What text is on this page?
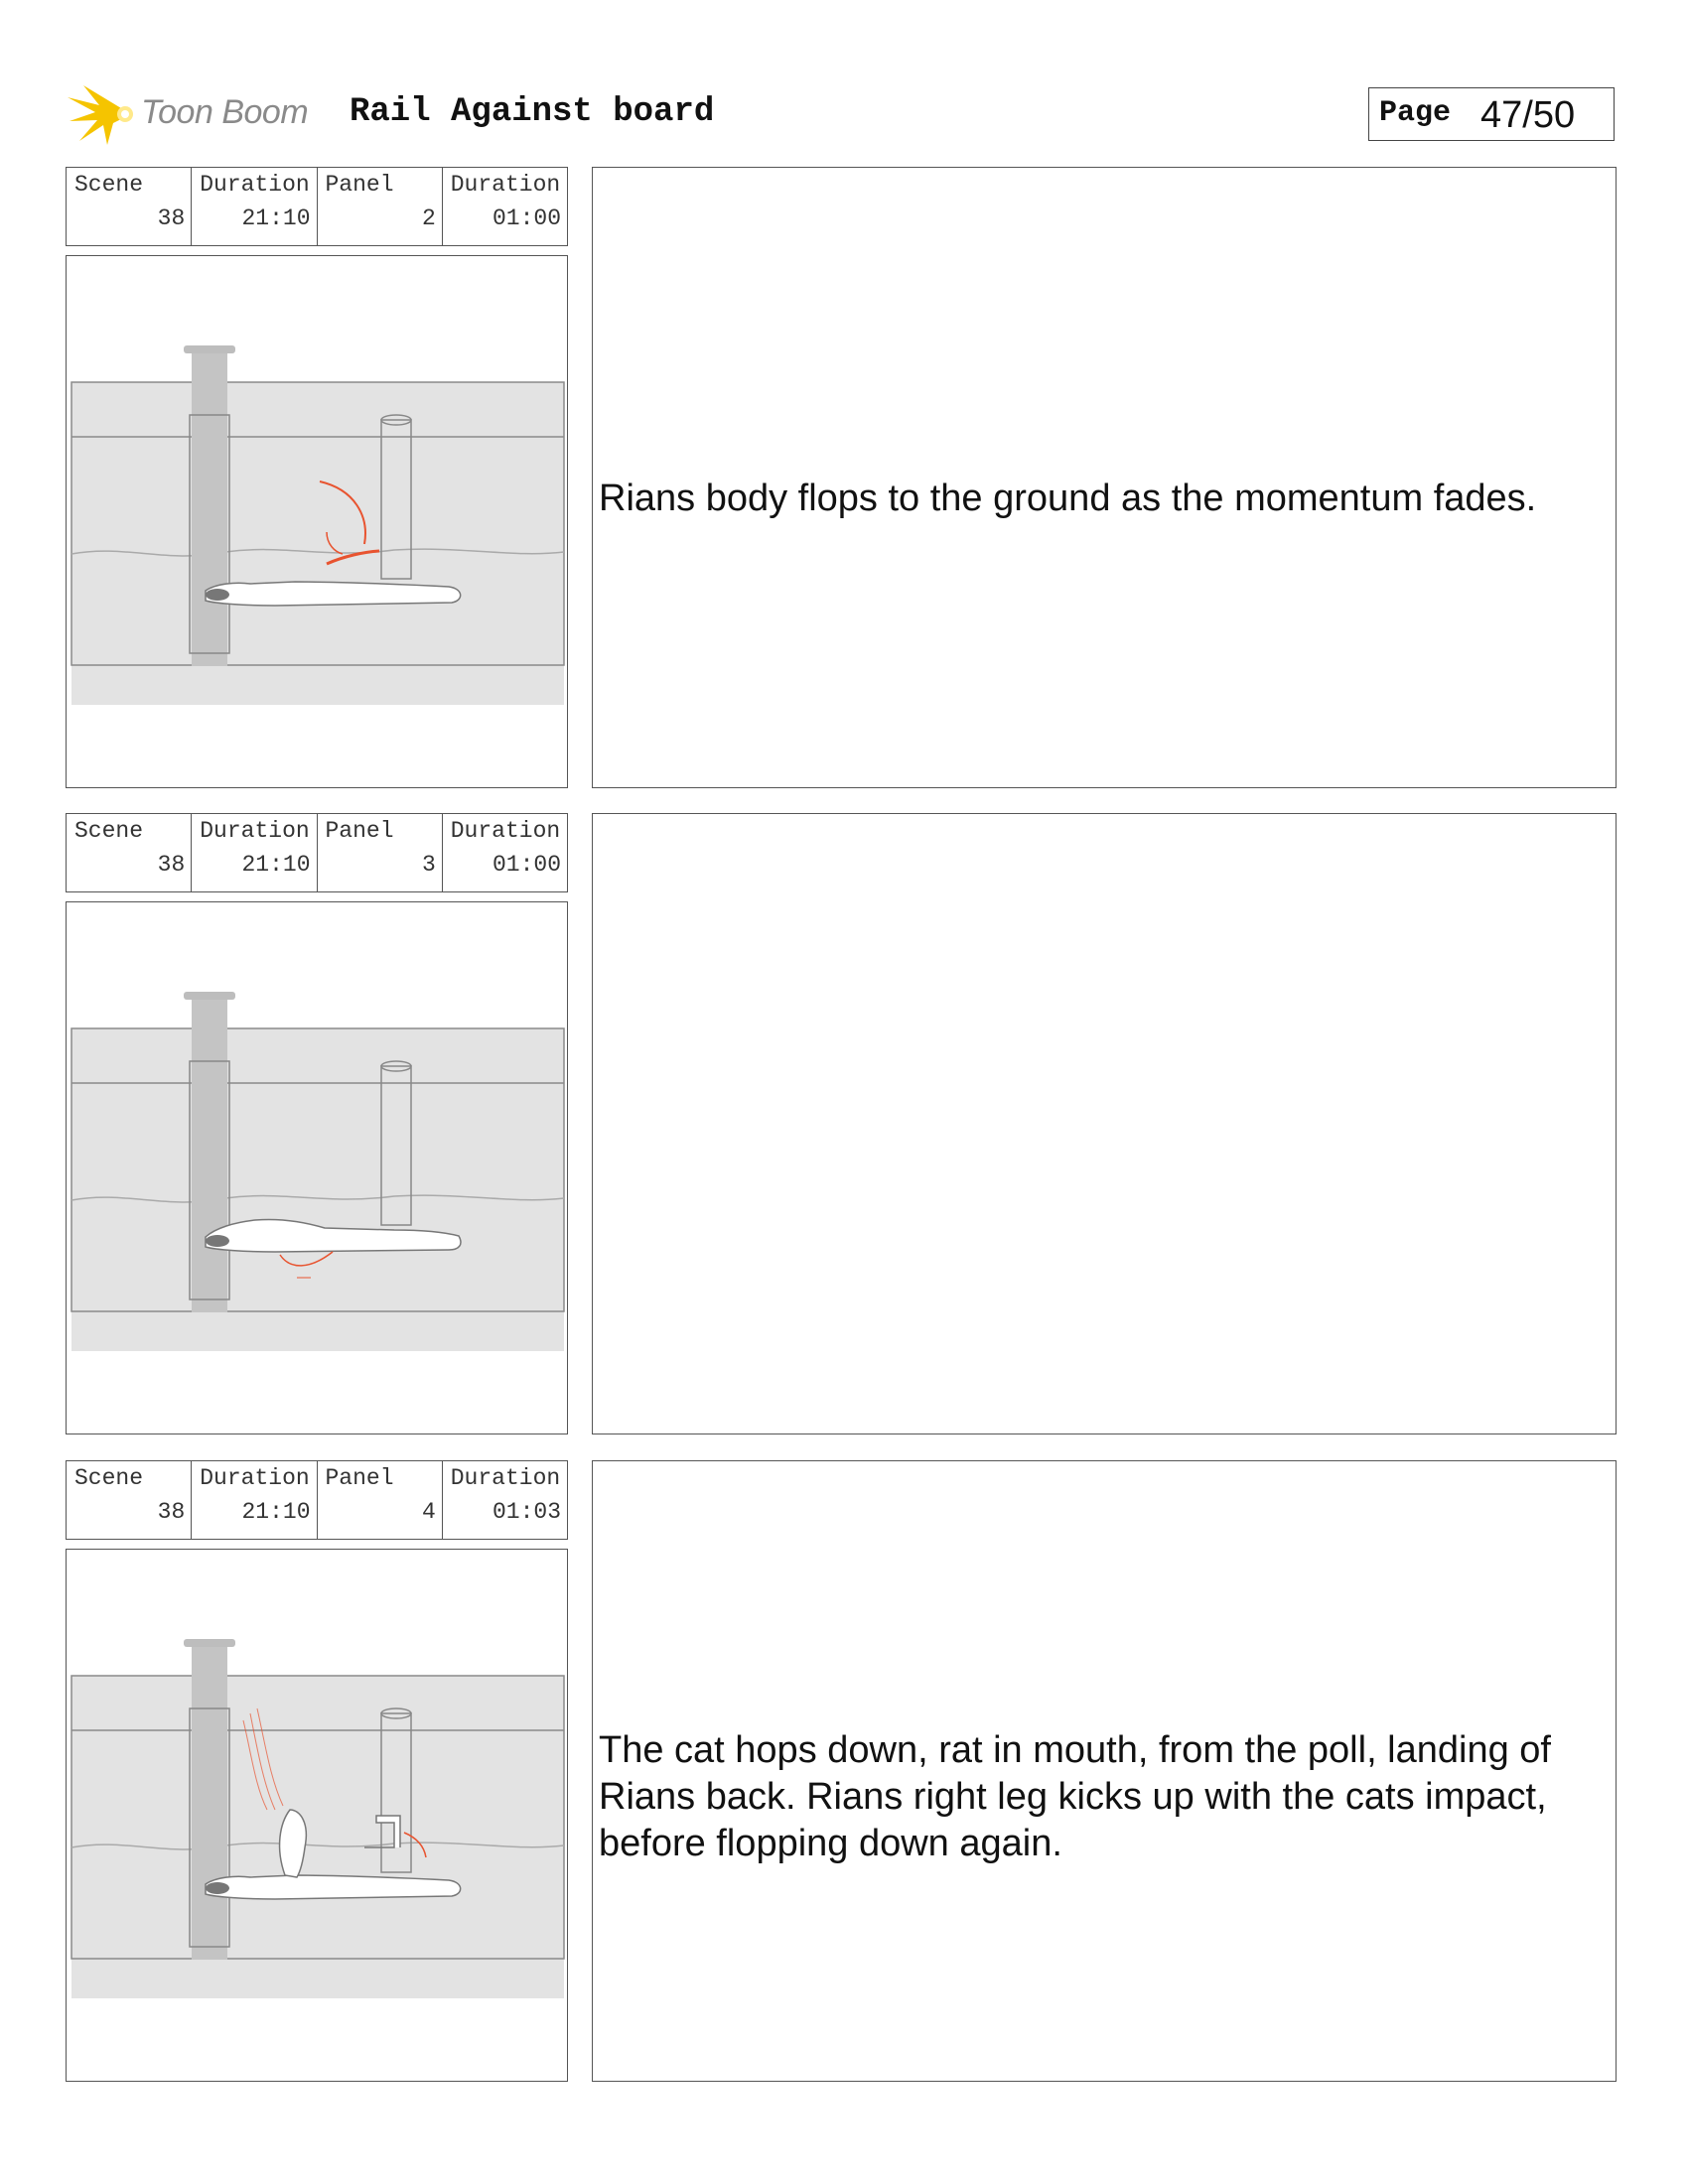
Toon Boom Rail Against board	Page 47/50
Scene
38
Duration
21:10
Panel
2
Duration
01:00
Rians body flops to the ground as the momentum fades.
Scene
38
Duration
21:10
Panel
3
Duration
01:00
Scene
38
Duration
21:10
Panel
4
Duration
01:03
The cat hops down, rat in mouth, from the poll, landing of Rians back. Rians right leg kicks up with the cats impact, before flopping down again.
